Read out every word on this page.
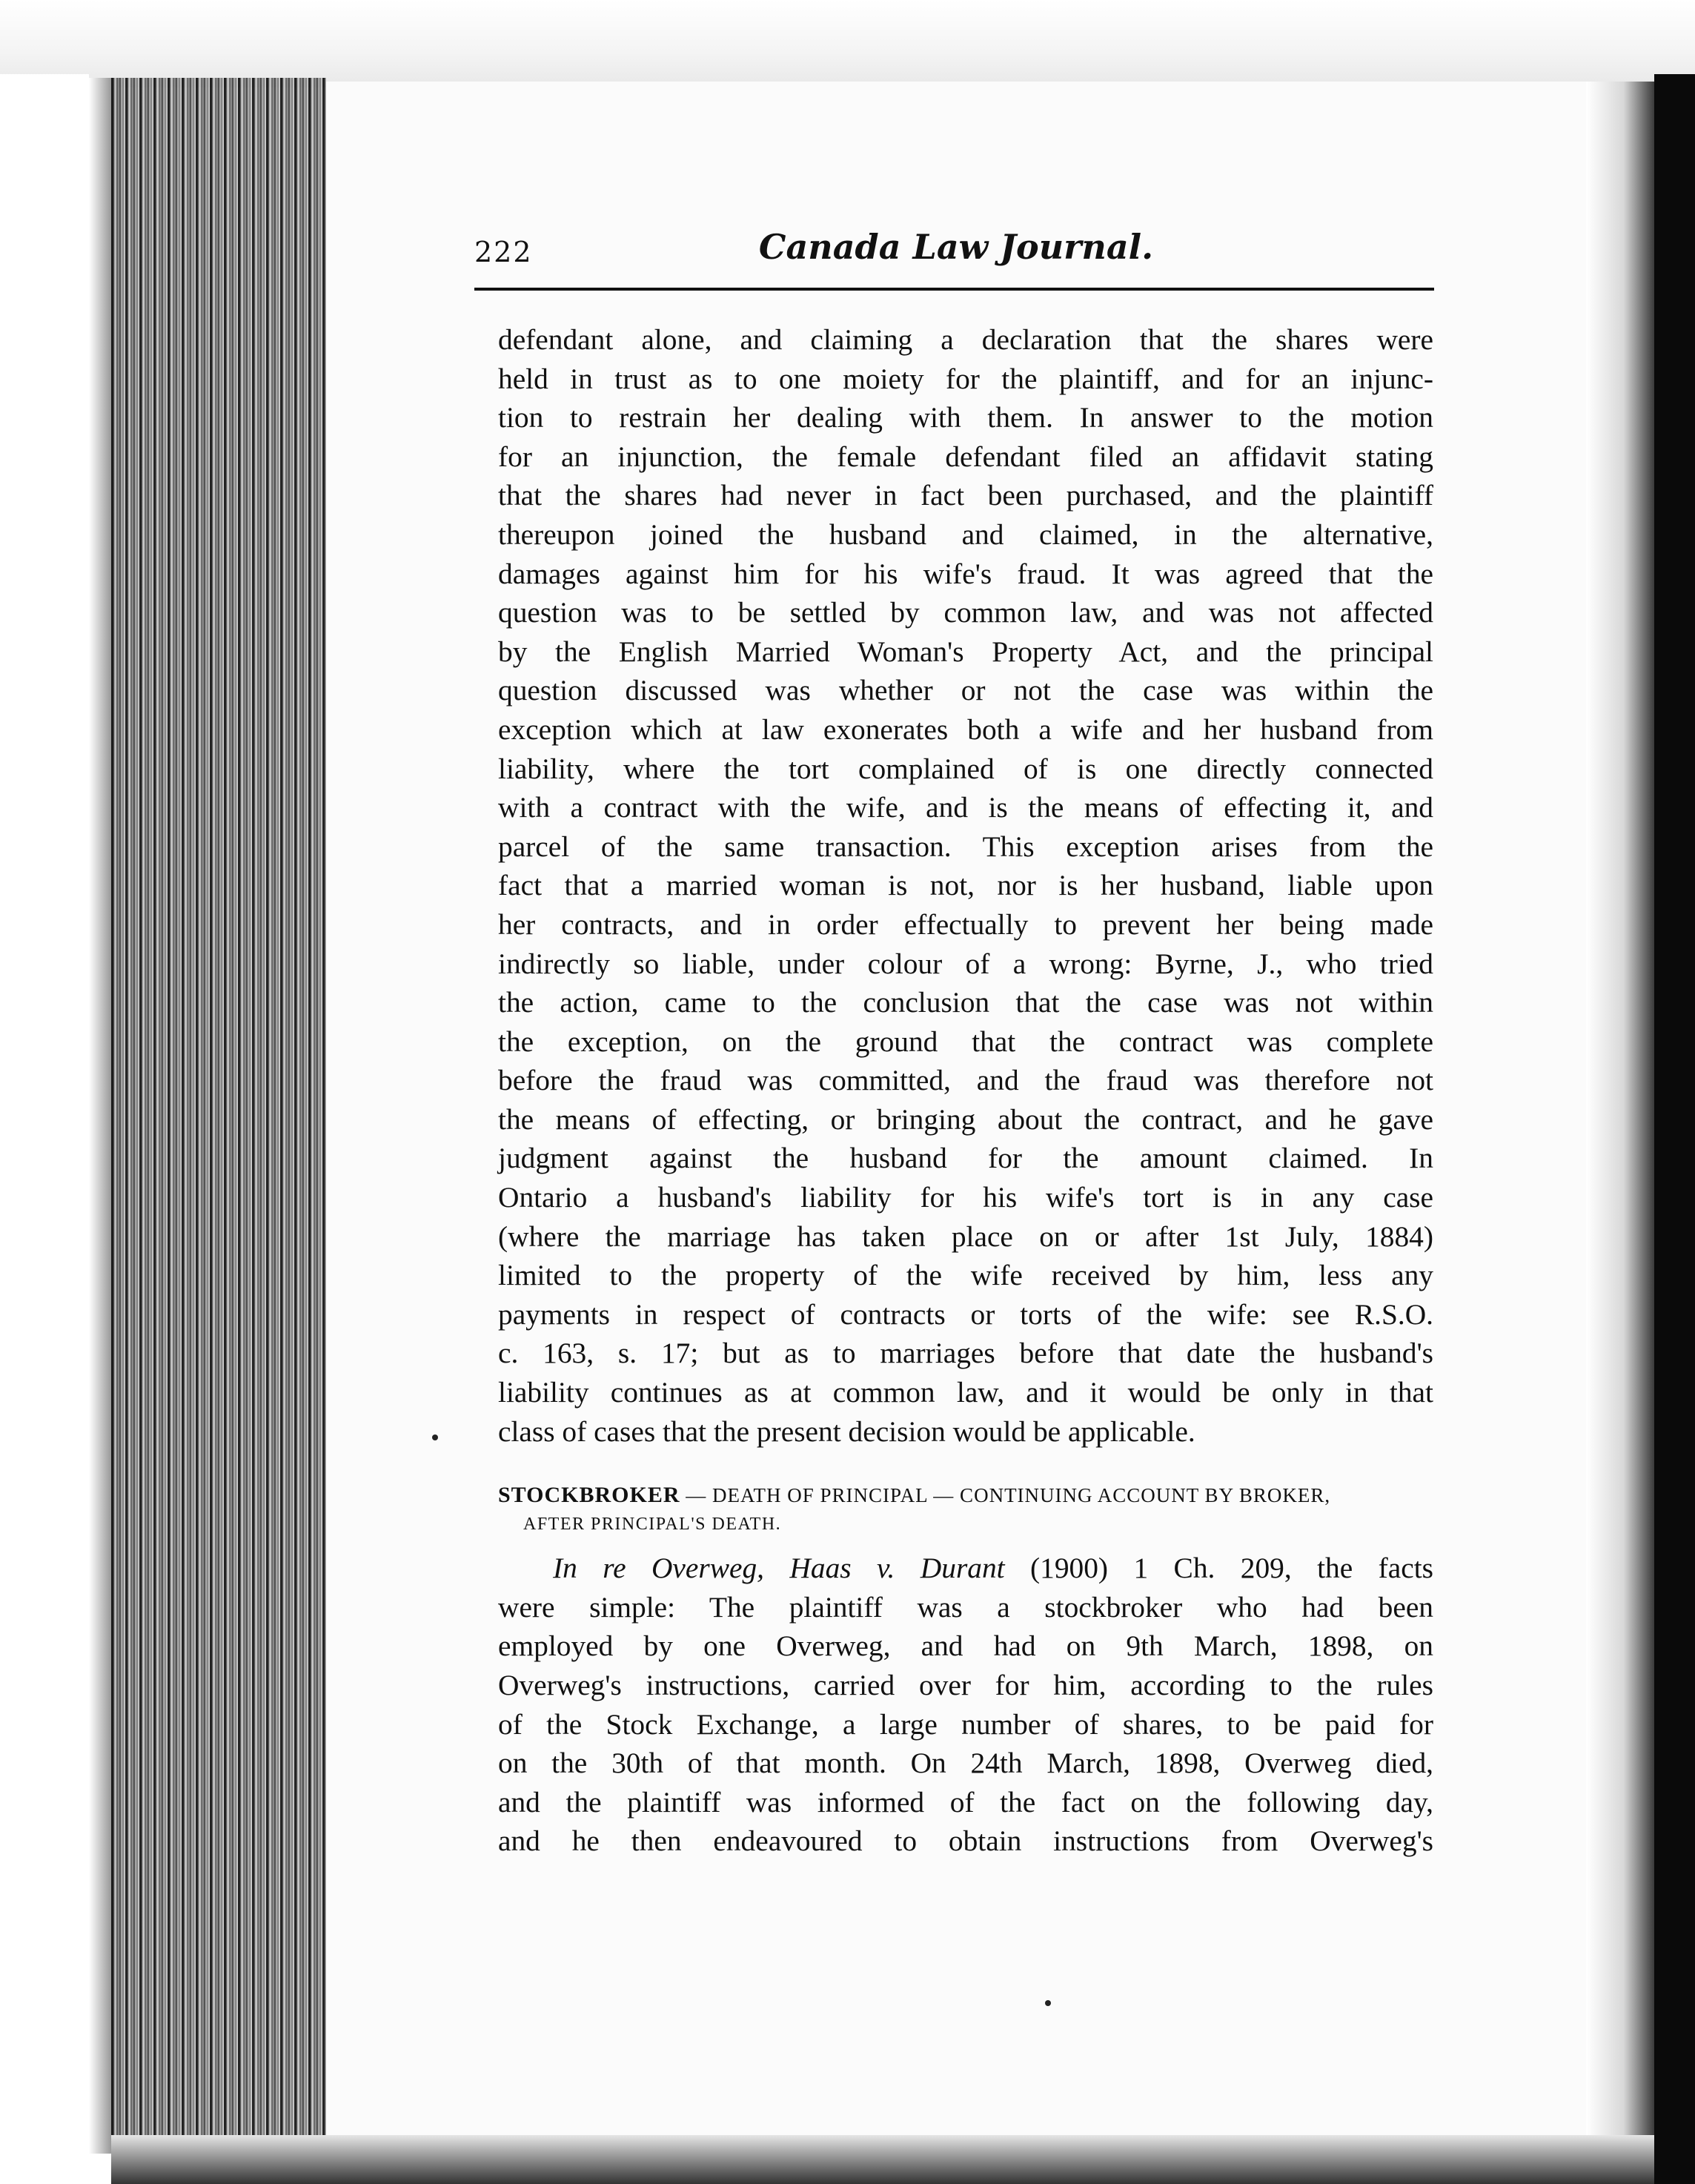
222	Canada Law Journal.
defendant alone, and claiming a declaration that the shares were
held in trust as to one moiety for the plaintiff, and for an injunc-
tion to restrain her dealing with them. In answer to the motion
for an injunction, the female defendant filed an affidavit stating
that the shares had never in fact been purchased, and the plaintiff
thereupon joined the husband and claimed, in the alternative,
damages against him for his wife's fraud. It was agreed that the
question was to be settled by common law, and was not affected
by the English Married Woman's Property Act, and the principal
question discussed was whether or not the case was within the
exception which at law exonerates both a wife and her husband from
liability, where the tort complained of is one directly connected
with a contract with the wife, and is the means of effecting it, and
parcel of the same transaction. This exception arises from the
fact that a married woman is not, nor is her husband, liable upon
her contracts, and in order effectually to prevent her being made
indirectly so liable, under colour of a wrong: Byrne, J., who tried
the action, came to the conclusion that the case was not within
the exception, on the ground that the contract was complete
before the fraud was committed, and the fraud was therefore not
the means of effecting, or bringing about the contract, and he gave
judgment against the husband for the amount claimed. In
Ontario a husband's liability for his wife's tort is in any case
(where the marriage has taken place on or after 1st July, 1884)
limited to the property of the wife received by him, less any
payments in respect of contracts or torts of the wife: see R.S.O.
c. 163, s. 17; but as to marriages before that date the husband's
liability continues as at common law, and it would be only in that
class of cases that the present decision would be applicable.
STOCKBROKER — DEATH OF PRINCIPAL — CONTINUING ACCOUNT BY BROKER,
AFTER PRINCIPAL'S DEATH.
In re Overweg, Haas v. Durant (1900) 1 Ch. 209, the facts
were simple: The plaintiff was a stockbroker who had been
employed by one Overweg, and had on 9th March, 1898, on
Overweg's instructions, carried over for him, according to the rules
of the Stock Exchange, a large number of shares, to be paid for
on the 30th of that month. On 24th March, 1898, Overweg died,
and the plaintiff was informed of the fact on the following day,
and he then endeavoured to obtain instructions from Overweg's
